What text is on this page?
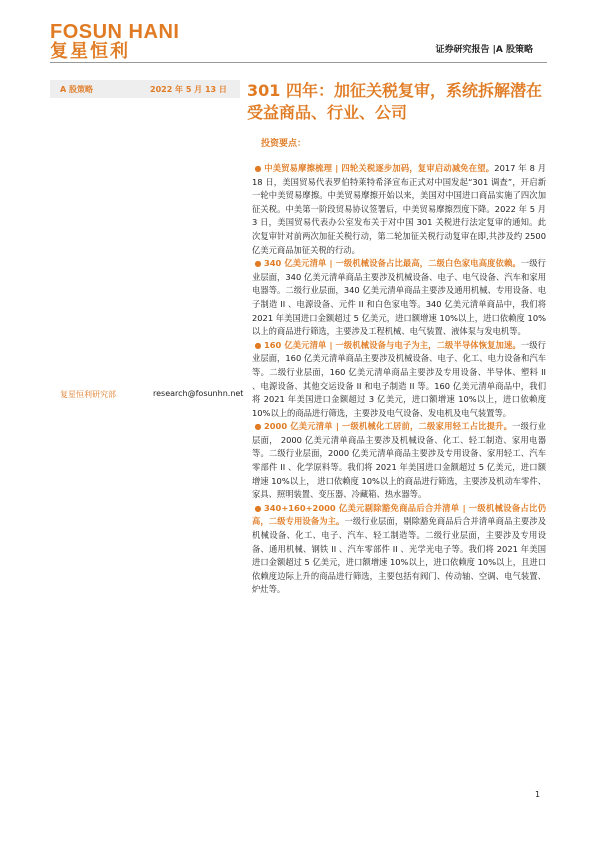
FOSUN HANI
复星恒利	证券研究报告 |A 股策略
A 股策略	2022 年 5 月 13 日 301 四年：加征关税复审，系统拆解潜在受益商品、行业、公司
投资要点：

● 中美贸易摩擦梳理 | 四轮关税逐步加码，复审启动减免在望。2017 年 8 月 18 日，美国贸易代表罗伯特莱特希泽宣布正式对中国发起“301 调查”，开启新一轮中美贸易摩擦。中美贸易摩擦开始以来，美国对中国进口商品实施了四次加征关税。中美第一阶段贸易协议签署后，中美贸易摩擦烈度下降。2022 年 5 月 3 日，美国贸易代表办公室发布关于对中国 301 关税进行法定复审的通知。此次复审针对前两次加征关税行动，第二轮加征关税行动复审在即,共涉及约 2500 亿美元商品加征关税的行动。

● 340 亿美元清单 | 一级机械设备占比最高，二级白色家电高度依赖。一级行业层面，340 亿美元清单商品主要涉及机械设备、电子、电气设备、汽车和家用电器等。二级行业层面，340 亿美元清单商品主要涉及通用机械、专用设备、电子制造 II 、电源设备、元件 II 和白色家电等。340 亿美元清单商品中，我们将 2021 年美国进口金额超过 5 亿美元，进口额增速 10%以上，进口依赖度 10%以上的商品进行筛选，主要涉及工程机械、电气装置、液体泵与发电机等。

● 160 亿美元清单 | 一级机械设备与电子为主，二级半导体恢复加速。一级行业层面，160 亿美元清单商品主要涉及机械设备、电子、化工、电力设备和汽车等。二级行业层面，160 亿美元清单商品主要涉及专用设备、半导体、塑料 II 、电源设备、其他交运设备 II 和电子制造 II 等。160 亿美元清单商品中，我们将 2021 年美国进口金额超过 3 亿美元，进口额增速 10%以上，进口依赖度 10%以上的商品进行筛选，主要涉及电气设备、发电机及电气装置等。

● 2000 亿美元清单 | 一级机械化工居前，二级家用轻工占比提升。一级行业层面， 2000 亿美元清单商品主要涉及机械设备、化工、轻工制造、家用电器等。二级行业层面，2000 亿美元清单商品主要涉及专用设备、家用轻工、汽车零部件 II 、化学原料等。我们将 2021 年美国进口金额超过 5 亿美元，进口额增速 10%以上， 进口依赖度 10%以上的商品进行筛选，主要涉及机动车零件、家具、照明装置、变压器、冷藏箱、热水器等。

● 340+160+2000 亿美元剔除豁免商品后合并清单 | 一级机械设备占比仍高，二级专用设备为主。一级行业层面，剔除豁免商品后合并清单商品主要涉及机械设备、化工、电子、汽车、轻工制造等。二级行业层面，主要涉及专用设备、通用机械、钢铁 II 、汽车零部件 II 、光学光电子等。我们将 2021 年美国进口金额超过 5 亿美元，进口额增速 10%以上，进口依赖度 10%以上，且进口依赖度边际上升的商品进行筛选，主要包括有阀门、传动轴、空调、电气装置、炉灶等。

复星恒利研究部	research@fosunhn.net
1
